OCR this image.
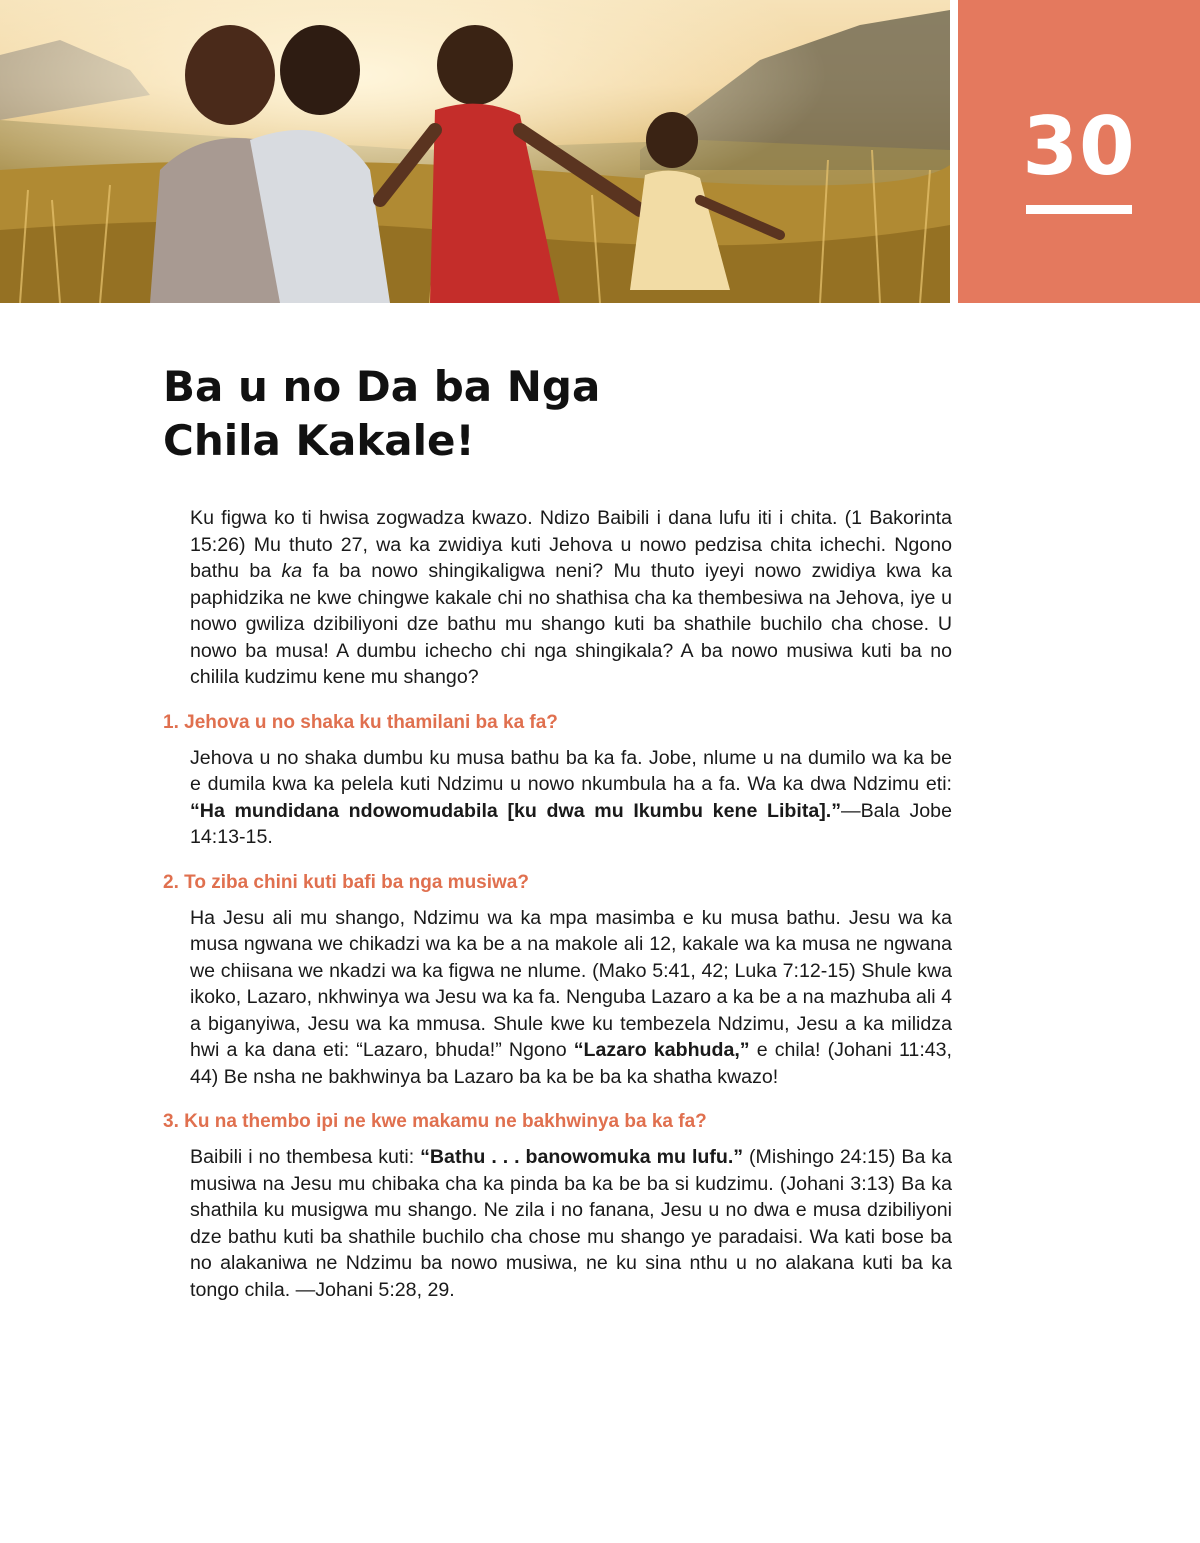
30
Ba u no Da ba Nga
Chila Kakale!

Ku figwa ko ti hwisa zogwadza kwazo. Ndizo Baibili i dana lufu iti i chita. (1 Bakorinta 15:26) Mu thuto 27, wa ka zwidiya kuti Jehova u nowo pedzisa chita ichechi. Ngono bathu ba ka fa ba nowo shingikaligwa neni? Mu thuto iyeyi nowo zwidiya kwa ka paphidzika ne kwe chingwe kakale chi no shathisa cha ka thembesiwa na Jehova, iye u nowo gwiliza dzibiliyoni dze bathu mu shango kuti ba shathile buchilo cha chose. U nowo ba musa! A dumbu ichecho chi nga shingikala? A ba nowo musiwa kuti ba no chilila kudzimu kene mu shango?

1. Jehova u no shaka ku thamilani ba ka fa?

Jehova u no shaka dumbu ku musa bathu ba ka fa. Jobe, nlume u na dumilo wa ka be e dumila kwa ka pelela kuti Ndzimu u nowo nkumbula ha a fa. Wa ka dwa Ndzimu eti: “Ha mundidana ndowomudabila [ku dwa mu Ikumbu kene Libita].”—Bala Jobe 14:13-15.

2. To ziba chini kuti bafi ba nga musiwa?

Ha Jesu ali mu shango, Ndzimu wa ka mpa masimba e ku musa bathu. Jesu wa ka musa ngwana we chikadzi wa ka be a na makole ali 12, kakale wa ka musa ne ngwana we chiisana we nkadzi wa ka figwa ne nlume. (Mako 5:41, 42; Luka 7:12-15) Shule kwa ikoko, Lazaro, nkhwinya wa Jesu wa ka fa. Nenguba Lazaro a ka be a na mazhuba ali 4 a biganyiwa, Jesu wa ka mmusa. Shule kwe ku tembezela Ndzimu, Jesu a ka milidza hwi a ka dana eti: “Lazaro, bhuda!” Ngono “Lazaro kabhuda,” e chila! (Johani 11:43, 44) Be nsha ne bakhwinya ba Lazaro ba ka be ba ka shatha kwazo!

3. Ku na thembo ipi ne kwe makamu ne bakhwinya ba ka fa?

Baibili i no thembesa kuti: “Bathu . . . banowomuka mu lufu.” (Mishingo 24:15) Ba ka musiwa na Jesu mu chibaka cha ka pinda ba ka be ba si kudzimu. (Johani 3:13) Ba ka shathila ku musigwa mu shango. Ne zila i no fanana, Jesu u no dwa e musa dzibiliyoni dze bathu kuti ba shathile buchilo cha chose mu shango ye paradaisi. Wa kati bose ba no alakaniwa ne Ndzimu ba nowo musiwa, ne ku sina nthu u no alakana kuti ba ka tongo chila. —Johani 5:28, 29.
